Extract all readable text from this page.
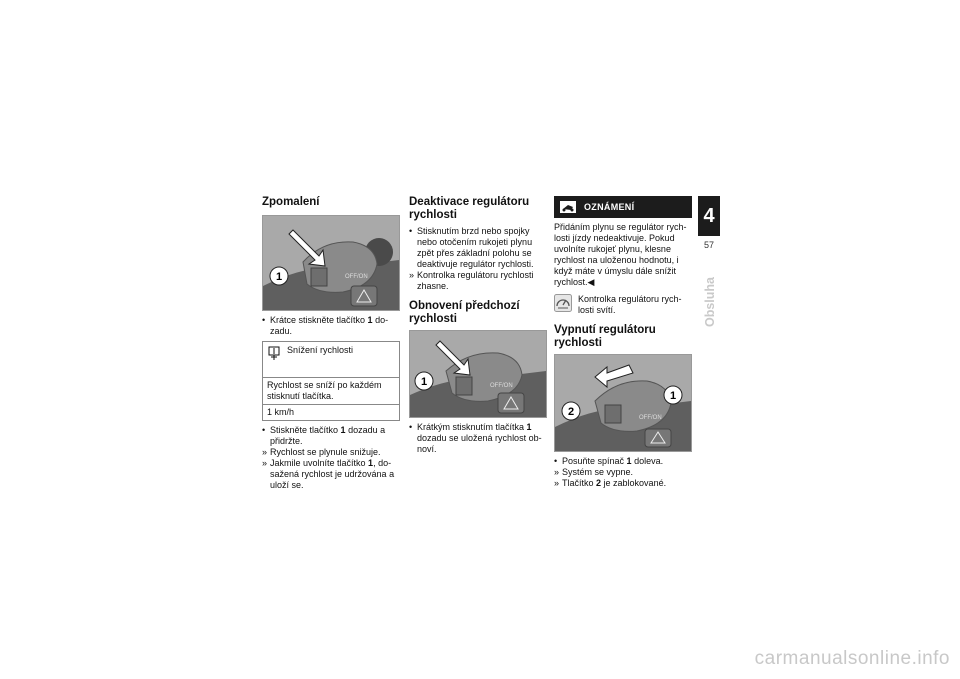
Zpomalení
OFF/ON
1
• Krátce stiskněte tlačítko 1 do-zadu.
Snížení rychlosti
Rychlost se sníží po každém stisknutí tlačítka.
1 km/h
• Stiskněte tlačítko 1 dozadu a přidržte.
» Rychlost se plynule snižuje.
» Jakmile uvolníte tlačítko 1, do-sažená rychlost je udržována a uloží se.
Deaktivace regulátoru rychlosti
• Stisknutím brzd nebo spojky nebo otočením rukojeti plynu zpět přes základní polohu se deaktivuje regulátor rychlosti.
» Kontrolka regulátoru rychlosti zhasne.
Obnovení předchozí rychlosti
OFF/ON
1
• Krátkým stisknutím tlačítka 1 dozadu se uložená rychlost ob-noví.
OZNÁMENÍ

Přidáním plynu se regulátor rych-losti jízdy nedeaktivuje. Pokud uvolníte rukojeť plynu, klesne rychlost na uloženou hodnotu, i když máte v úmyslu dále snížit rychlost.◀

Kontrolka regulátoru rych-losti svítí.
Vypnutí regulátoru rychlosti
OFF/ON
1
2
• Posuňte spínač 1 doleva.
» Systém se vypne.
» Tlačítko 2 je zablokované.
4
57
Obsluha
carmanualsonline.info
